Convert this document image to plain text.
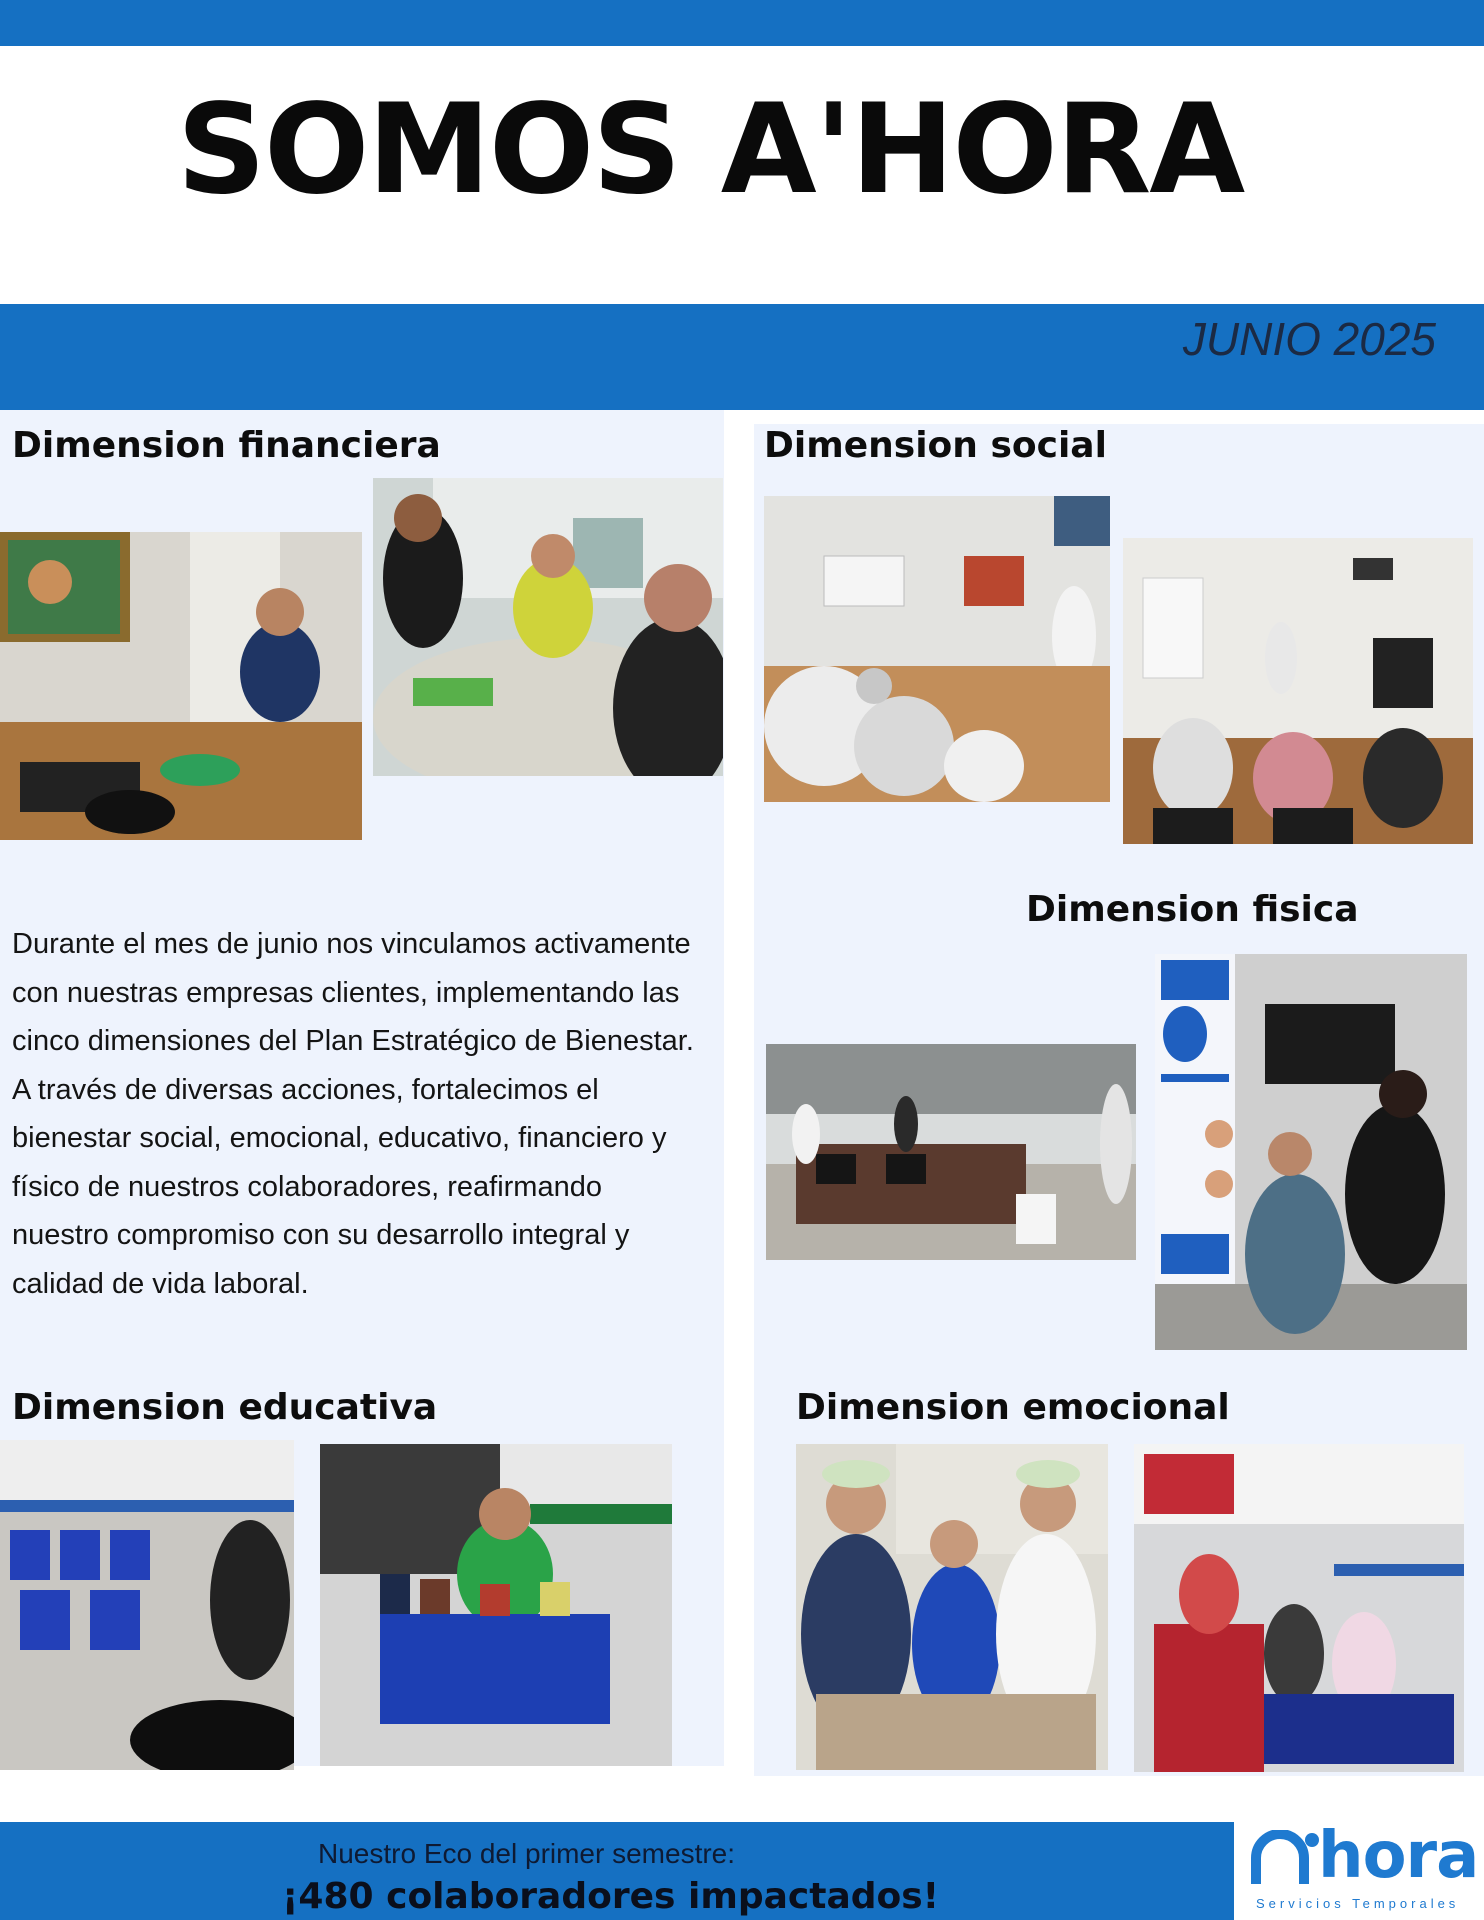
SOMOS A'HORA
JUNIO 2025
Dimension financiera
Durante el mes de junio nos vinculamos activamente
con nuestras empresas clientes, implementando las
cinco dimensiones del Plan Estratégico de Bienestar.
A través de diversas acciones, fortalecimos el
bienestar social, emocional, educativo, financiero y
físico de nuestros colaboradores, reafirmando
nuestro compromiso con su desarrollo integral y
calidad de vida laboral.
Dimension educativa
Dimension social
Dimension fisica
Dimension emocional
Nuestro Eco del primer semestre:
¡480 colaboradores impactados!
hora
Servicios Temporales
